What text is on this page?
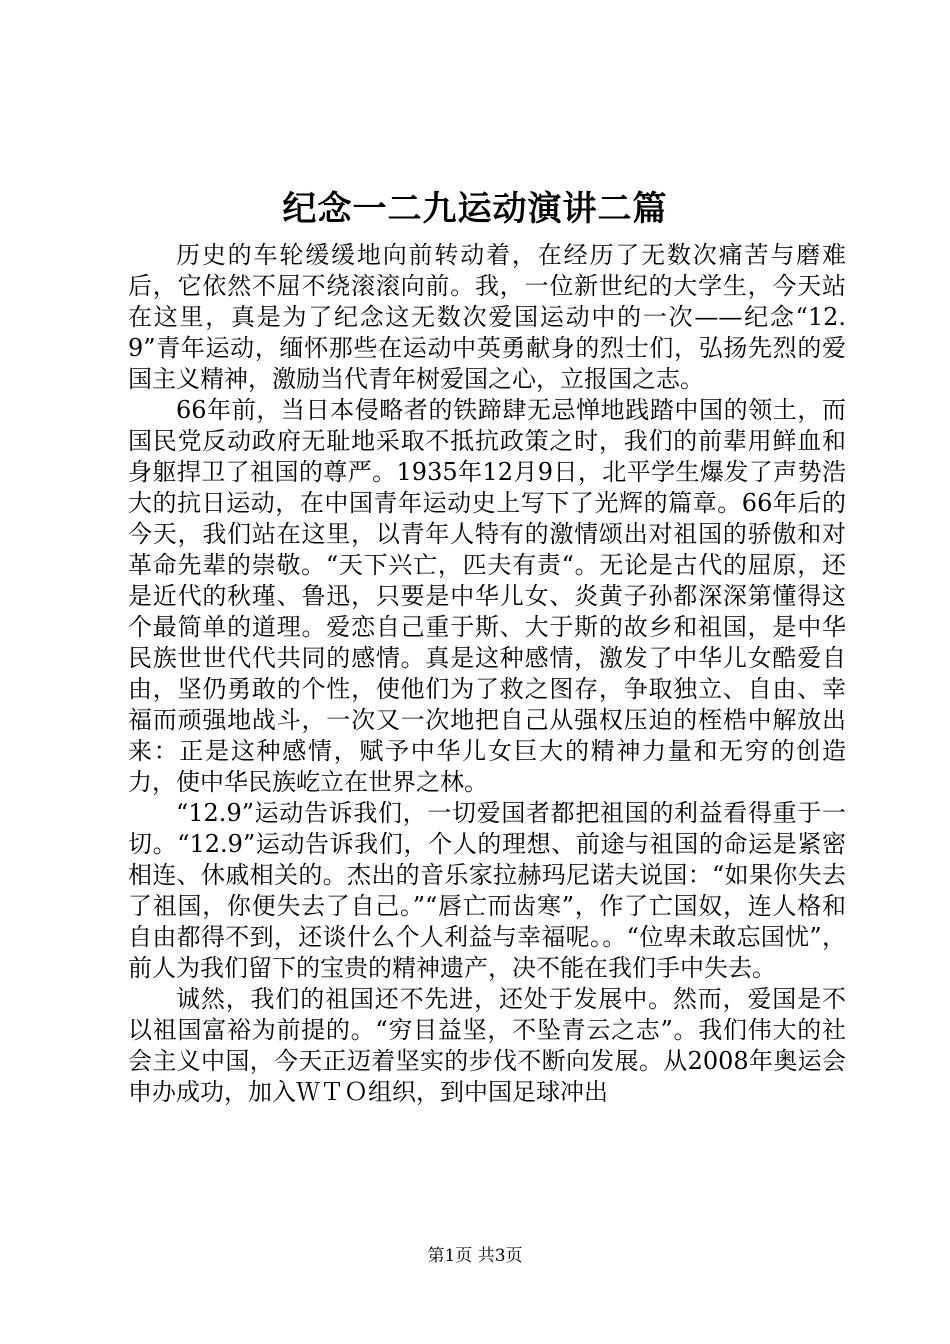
纪念一二九运动演讲二篇

历史的车轮缓缓地向前转动着，在经历了无数次痛苦与磨难后，它依然不屈不绕滚滚向前。我，一位新世纪的大学生，今天站在这里，真是为了纪念这无数次爱国运动中的一次——纪念“12.9”青年运动，缅怀那些在运动中英勇献身的烈士们，弘扬先烈的爱国主义精神，激励当代青年树爱国之心，立报国之志。

66年前，当日本侵略者的铁蹄肆无忌惮地践踏中国的领土，而国民党反动政府无耻地采取不抵抗政策之时，我们的前辈用鲜血和身躯捍卫了祖国的尊严。1935年12月9日，北平学生爆发了声势浩大的抗日运动，在中国青年运动史上写下了光辉的篇章。66年后的今天，我们站在这里，以青年人特有的激情颂出对祖国的骄傲和对革命先辈的崇敬。“天下兴亡，匹夫有责“。无论是古代的屈原，还是近代的秋瑾、鲁迅，只要是中华儿女、炎黄子孙都深深第懂得这个最简单的道理。爱恋自己重于斯、大于斯的故乡和祖国，是中华民族世世代代共同的感情。真是这种感情，激发了中华儿女酷爱自由，坚仍勇敢的个性，使他们为了救之图存，争取独立、自由、幸福而顽强地战斗，一次又一次地把自己从强权压迫的桎梏中解放出来：正是这种感情，赋予中华儿女巨大的精神力量和无穷的创造力，使中华民族屹立在世界之林。

“12.9”运动告诉我们，一切爱国者都把祖国的利益看得重于一切。“12.9”运动告诉我们，个人的理想、前途与祖国的命运是紧密相连、休戚相关的。杰出的音乐家拉赫玛尼诺夫说国：“如果你失去了祖国，你便失去了自己。”“唇亡而齿寒”，作了亡国奴，连人格和自由都得不到，还谈什么个人利益与幸福呢。。“位卑未敢忘国忧”，前人为我们留下的宝贵的精神遗产，决不能在我们手中失去。

诚然，我们的祖国还不先进，还处于发展中。然而，爱国是不以祖国富裕为前提的。“穷目益坚，不坠青云之志”。我们伟大的社会主义中国，今天正迈着坚实的步伐不断向发展。从2008年奥运会申办成功，加入ＷＴＯ组织，到中国足球冲出

第1页 共3页
